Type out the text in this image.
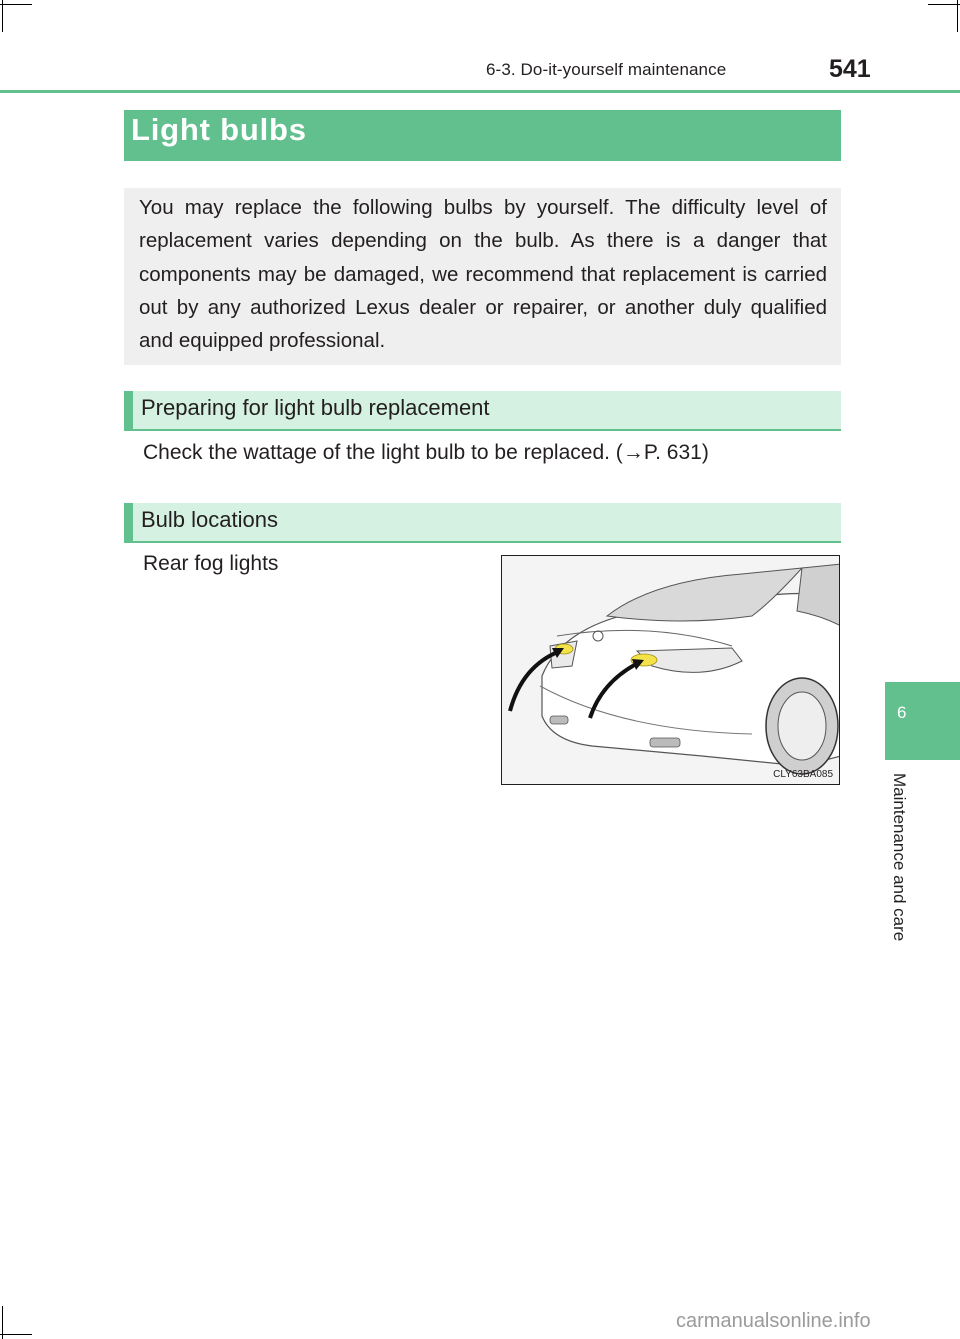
6-3. Do-it-yourself maintenance	541
Light bulbs
You may replace the following bulbs by yourself. The difficulty level of replacement varies depending on the bulb. As there is a danger that components may be damaged, we recommend that replacement is carried out by any authorized Lexus dealer or repairer, or another duly qualified and equipped professional.
Preparing for light bulb replacement
Check the wattage of the light bulb to be replaced. (→P. 631)
Bulb locations
Rear fog lights
CLY63BA085
6
Maintenance and care
carmanualsonline.info
